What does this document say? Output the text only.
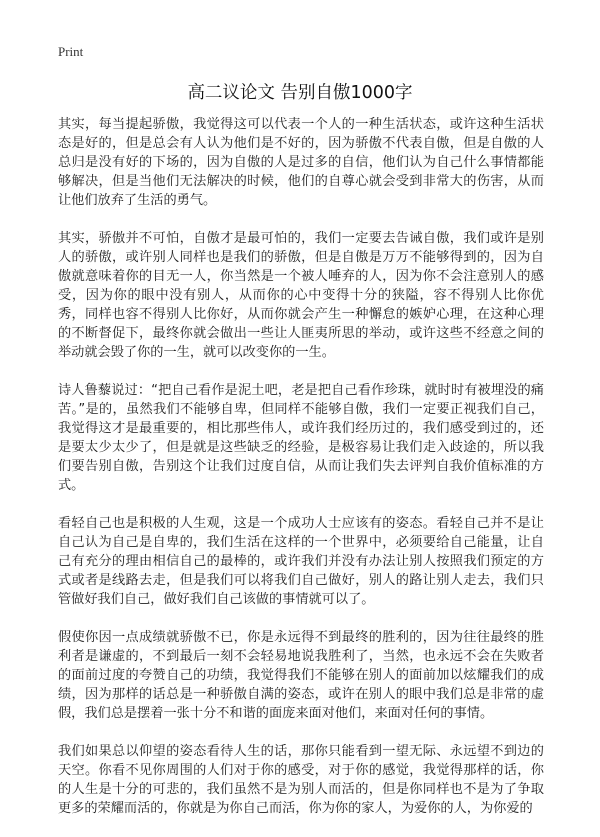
Print
高二议论文 告别自傲1000字

其实，每当提起骄傲，我觉得这可以代表一个人的一种生活状态，或许这种生活状态是好的，但是总会有人认为他们是不好的，因为骄傲不代表自傲，但是自傲的人总归是没有好的下场的，因为自傲的人是过多的自信，他们认为自己什么事情都能够解决，但是当他们无法解决的时候，他们的自尊心就会受到非常大的伤害，从而让他们放弃了生活的勇气。

其实，骄傲并不可怕，自傲才是最可怕的，我们一定要去告诫自傲，我们或许是别人的骄傲，或许别人同样也是我们的骄傲，但是自傲是万万不能够得到的，因为自傲就意味着你的目无一人，你当然是一个被人唾弃的人，因为你不会注意别人的感受，因为你的眼中没有别人，从而你的心中变得十分的狭隘，容不得别人比你优秀，同样也容不得别人比你好，从而你就会产生一种懈怠的嫉妒心理，在这种心理的不断督促下，最终你就会做出一些让人匪夷所思的举动，或许这些不经意之间的举动就会毁了你的一生，就可以改变你的一生。

诗人鲁藜说过：“把自己看作是泥土吧，老是把自己看作珍珠，就时时有被埋没的痛苦。”是的，虽然我们不能够自卑，但同样不能够自傲，我们一定要正视我们自己，我觉得这才是最重要的，相比那些伟人，或许我们经历过的，我们感受到过的，还是要太少太少了，但是就是这些缺乏的经验，是极容易让我们走入歧途的，所以我们要告别自傲，告别这个让我们过度自信，从而让我们失去评判自我价值标准的方式。

看轻自己也是积极的人生观，这是一个成功人士应该有的姿态。看轻自己并不是让自己认为自己是自卑的，我们生活在这样的一个世界中，必须要给自己能量，让自己有充分的理由相信自己的最棒的，或许我们并没有办法让别人按照我们预定的方式或者是线路去走，但是我们可以将我们自己做好，别人的路让别人走去，我们只管做好我们自己，做好我们自己该做的事情就可以了。

假使你因一点成绩就骄傲不已，你是永远得不到最终的胜利的，因为往往最终的胜利者是谦虚的，不到最后一刻不会轻易地说我胜利了，当然，也永远不会在失败者的面前过度的夸赞自己的功绩，我觉得我们不能够在别人的面前加以炫耀我们的成绩，因为那样的话总是一种骄傲自满的姿态，或许在别人的眼中我们总是非常的虚假，我们总是摆着一张十分不和谐的面庞来面对他们，来面对任何的事情。

我们如果总以仰望的姿态看待人生的话，那你只能看到一望无际、永远望不到边的天空。你看不见你周围的人们对于你的感受，对于你的感觉，我觉得那样的话，你的人生是十分的可悲的，我们虽然不是为别人而活的，但是你同样也不是为了争取更多的荣耀而活的，你就是为你自己而活，你为你的家人，为爱你的人，为你爱的
